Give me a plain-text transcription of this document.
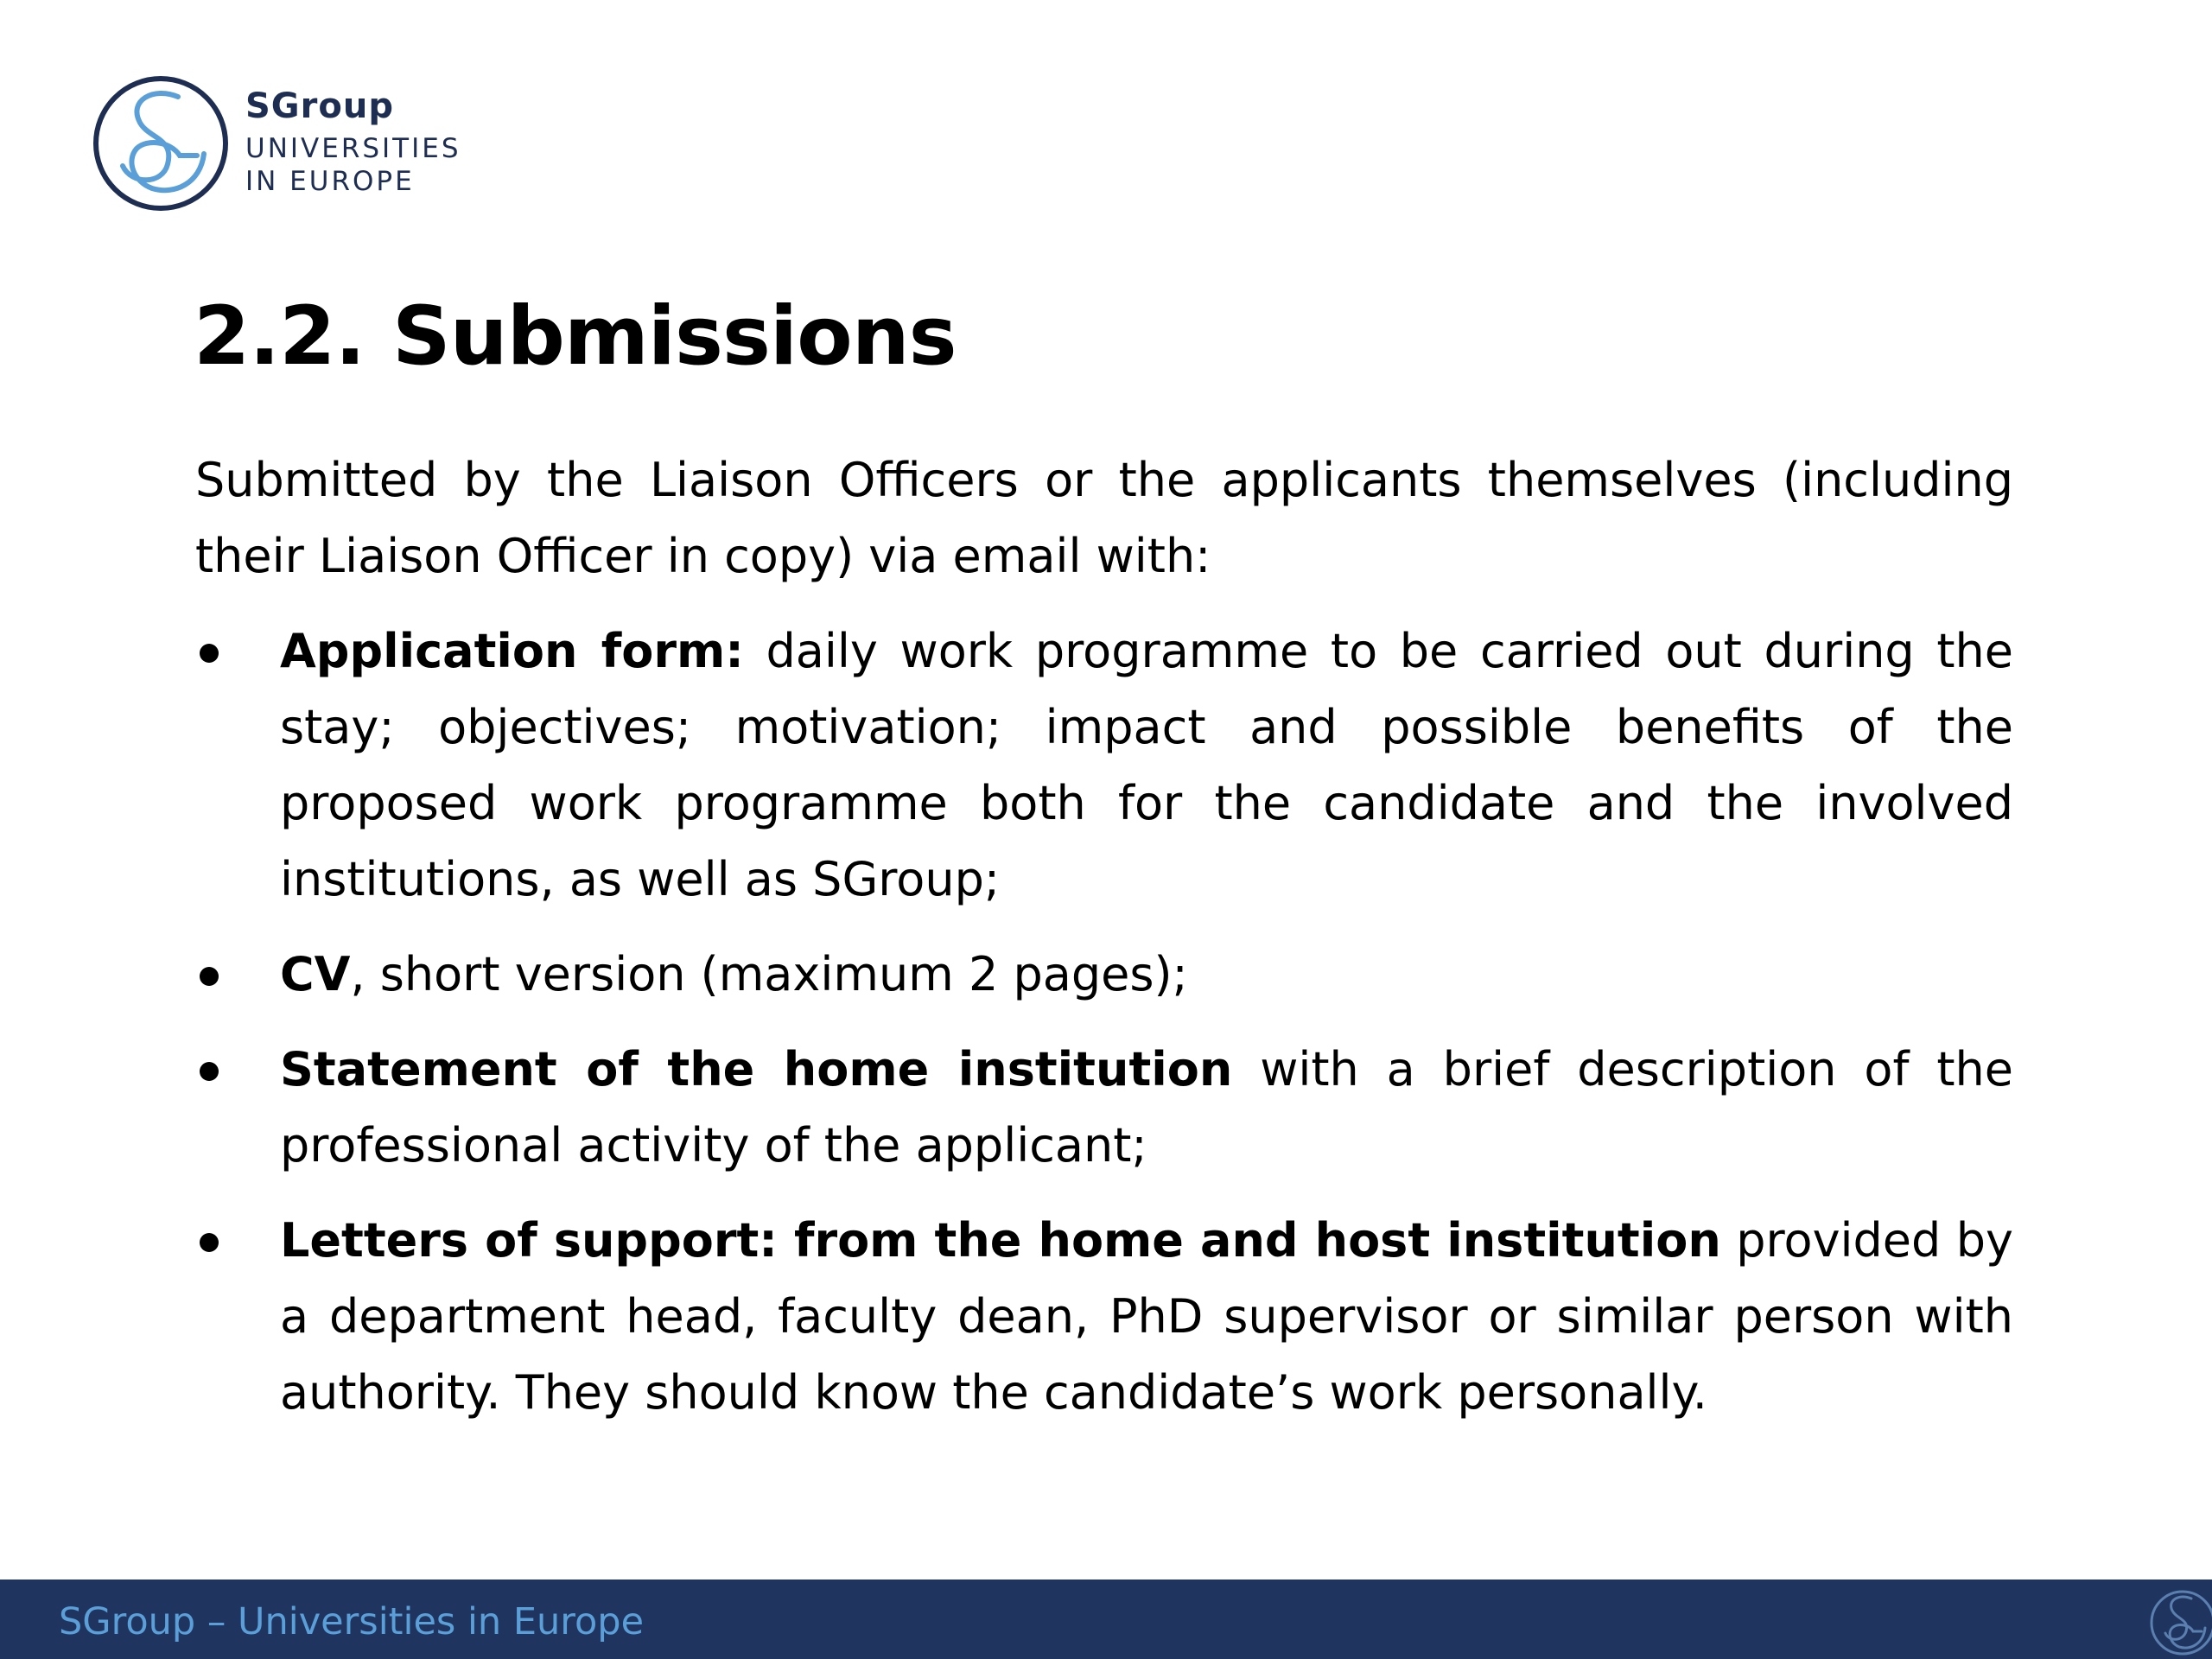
SGroup
UNIVERSITIES
IN EUROPE
2.2. Submissions

Submitted by the Liaison Officers or the applicants themselves (including their Liaison Officer in copy) via email with:

Application form: daily work programme to be carried out during the stay; objectives; motivation; impact and possible benefits of the proposed work programme both for the candidate and the involved institutions, as well as SGroup;
CV, short version (maximum 2 pages);
Statement of the home institution with a brief description of the professional activity of the applicant;
Letters of support: from the home and host institution provided by a department head, faculty dean, PhD supervisor or similar person with authority. They should know the candidate’s work personally.
SGroup – Universities in Europe
